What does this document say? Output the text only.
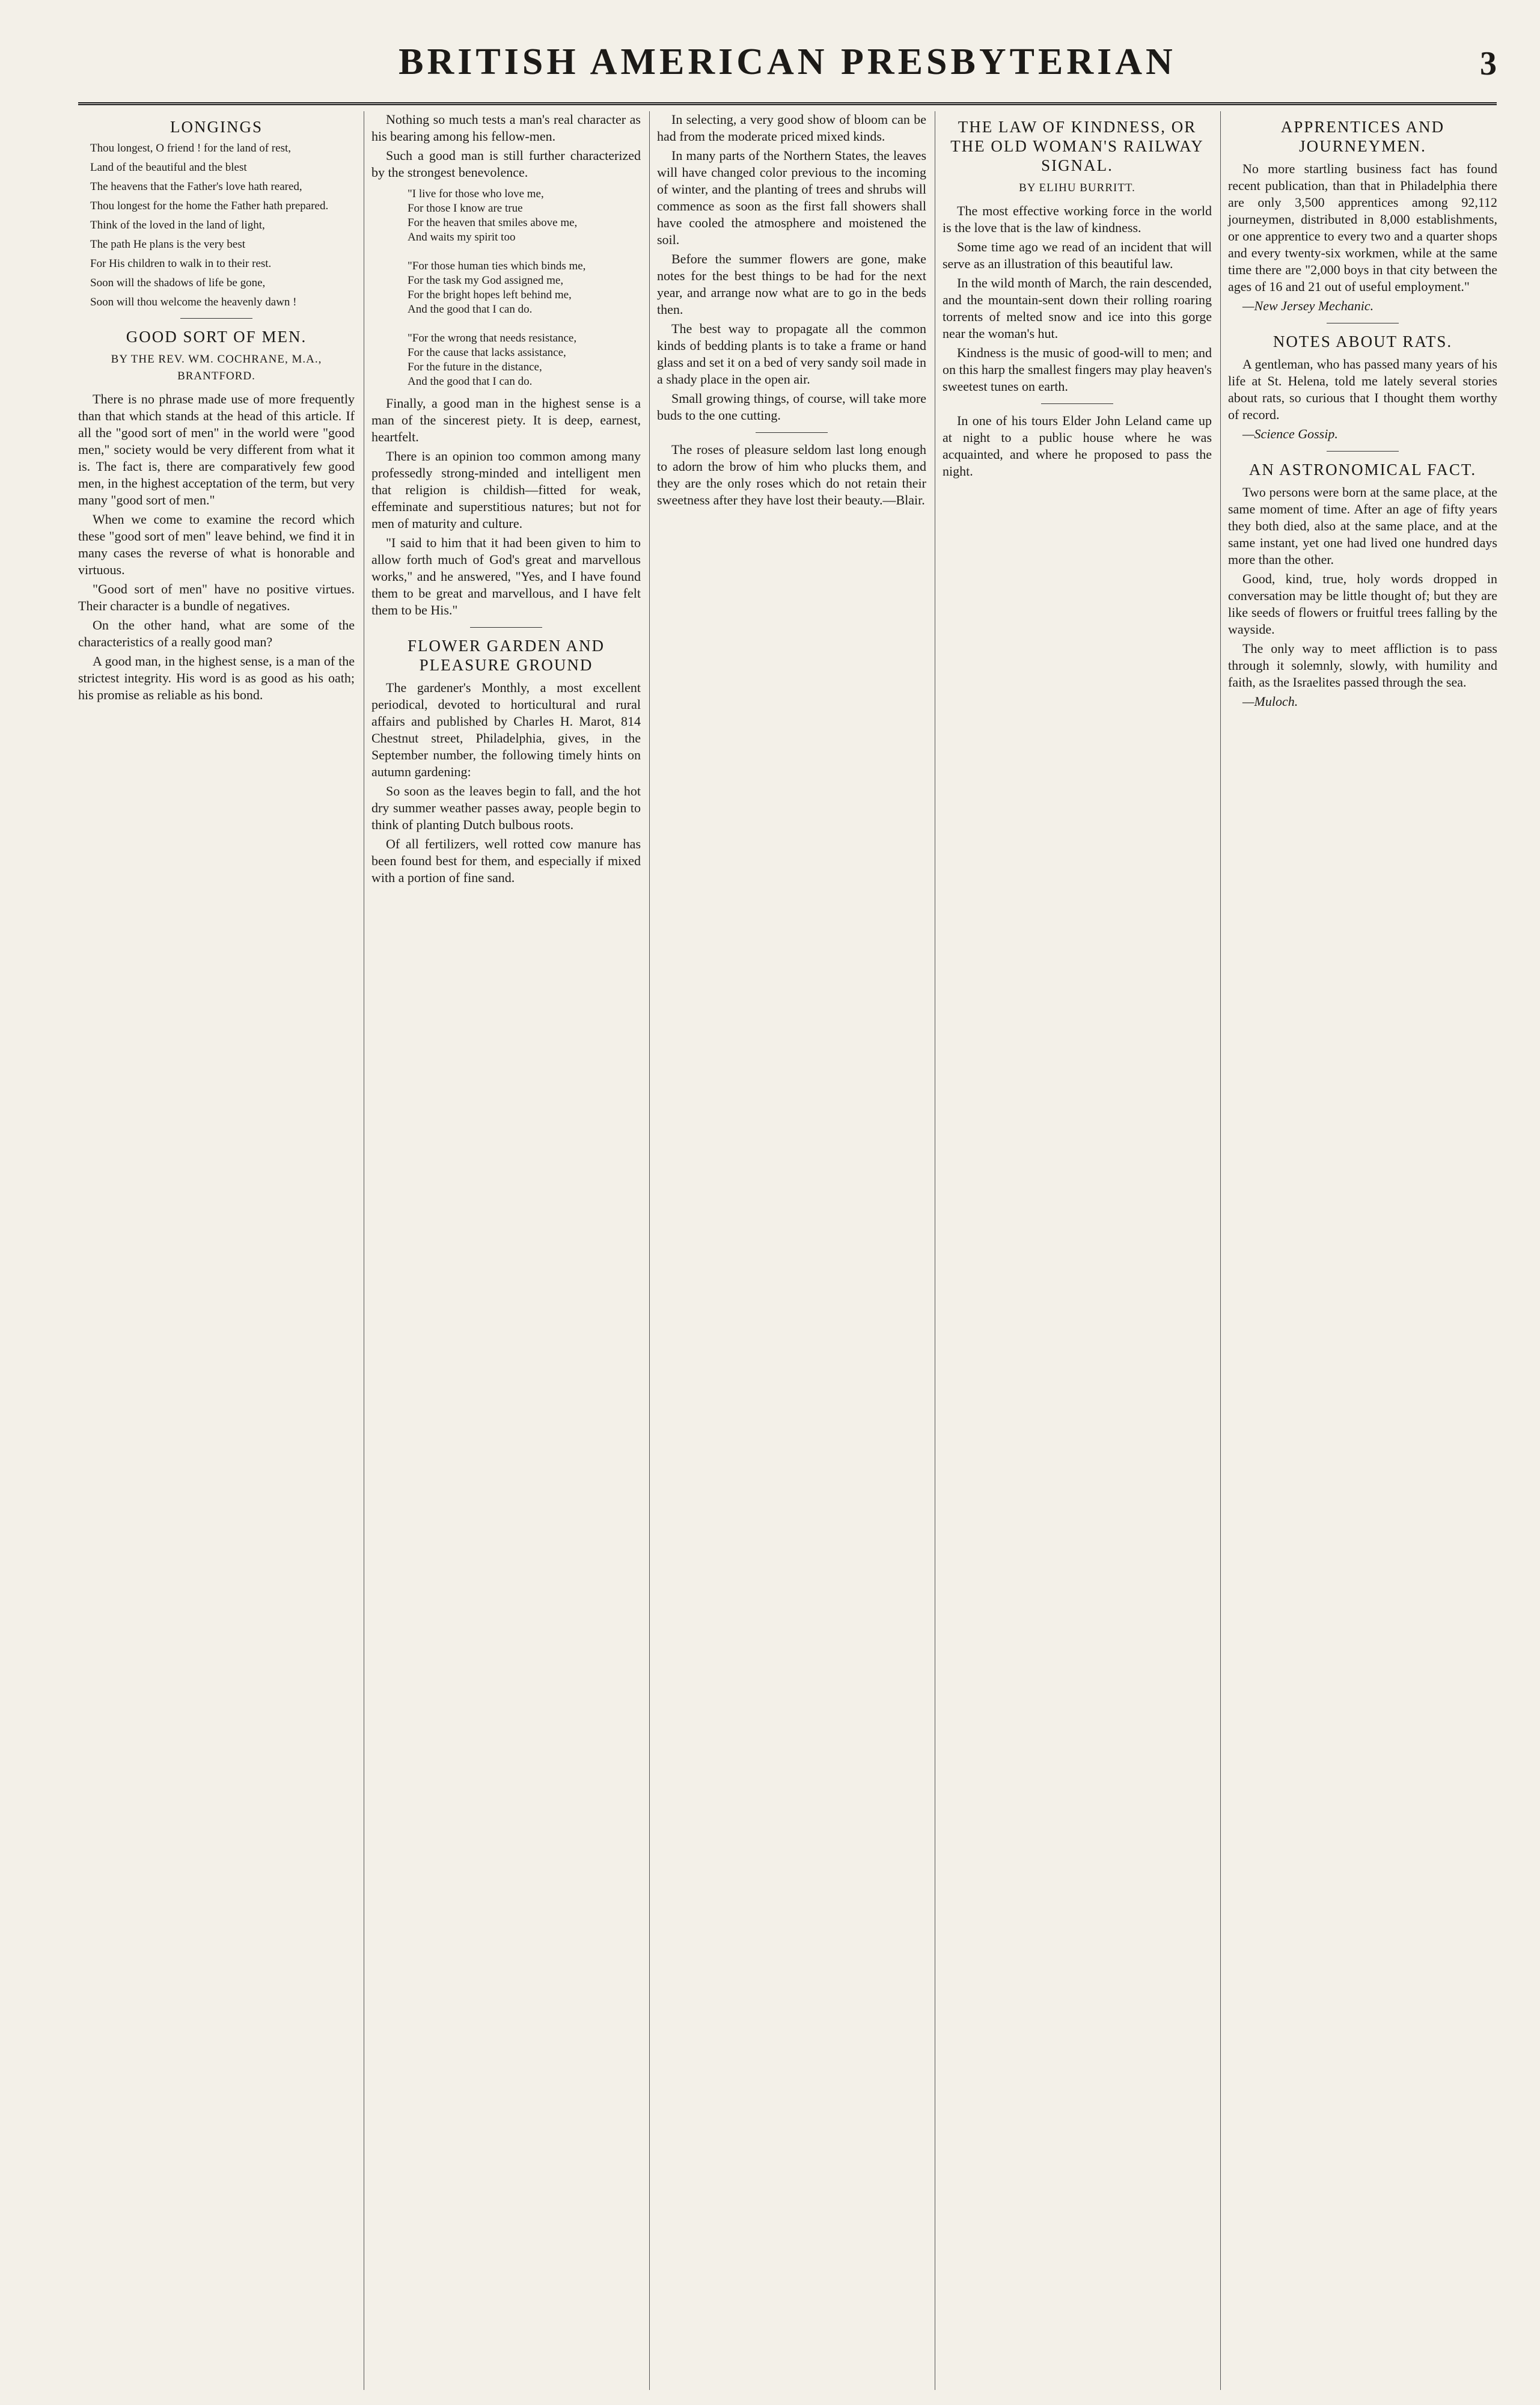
BRITISH AMERICAN PRESBYTERIAN	3
LONGINGS

Thou longest, O friend ! for the land of rest,

Land of the beautiful and the blest

The heavens that the Father's love hath reared,

Thou longest for the home the Father hath prepared.

Think of the loved in the land of light,

The path He plans is the very best

For His children to walk in to their rest.

Soon will the shadows of life be gone,

Soon will thou welcome the heavenly dawn !

GOOD SORT OF MEN.
BY THE REV. WM. COCHRANE, M.A., BRANTFORD.

There is no phrase made use of more frequently than that which stands at the head of this article. If all the "good sort of men" in the world were "good men," society would be very different from what it is. The fact is, there are comparatively few good men, in the highest acceptation of the term, but very many "good sort of men."

When we come to examine the record which these "good sort of men" leave behind, we find it in many cases the reverse of what is honorable and virtuous.

"Good sort of men" have no positive virtues. Their character is a bundle of negatives.

On the other hand, what are some of the characteristics of a really good man?

A good man, in the highest sense, is a man of the strictest integrity. His word is as good as his oath; his promise as reliable as his bond.

Nothing so much tests a man's real character as his bearing among his fellow-men.

Such a good man is still further characterized by the strongest benevolence.

"I live for those who love me,
For those I know are true
For the heaven that smiles above me,
And waits my spirit too

"For those human ties which binds me,
For the task my God assigned me,
For the bright hopes left behind me,
And the good that I can do.

"For the wrong that needs resistance,
For the cause that lacks assistance,
For the future in the distance,
And the good that I can do.

Finally, a good man in the highest sense is a man of the sincerest piety. It is deep, earnest, heartfelt.

There is an opinion too common among many professedly strong-minded and intelligent men that religion is childish—fitted for weak, effeminate and superstitious natures; but not for men of maturity and culture.

"I said to him that it had been given to him to allow forth much of God's great and marvellous works," and he answered, "Yes, and I have found them to be great and marvellous, and I have felt them to be His."

FLOWER GARDEN AND PLEASURE GROUND

The gardener's Monthly, a most excellent periodical, devoted to horticultural and rural affairs and published by Charles H. Marot, 814 Chestnut street, Philadelphia, gives, in the September number, the following timely hints on autumn gardening:

So soon as the leaves begin to fall, and the hot dry summer weather passes away, people begin to think of planting Dutch bulbous roots.

Of all fertilizers, well rotted cow manure has been found best for them, and especially if mixed with a portion of fine sand.

In selecting, a very good show of bloom can be had from the moderate priced mixed kinds.

In many parts of the Northern States, the leaves will have changed color previous to the incoming of winter, and the planting of trees and shrubs will commence as soon as the first fall showers shall have cooled the atmosphere and moistened the soil.

Before the summer flowers are gone, make notes for the best things to be had for the next year, and arrange now what are to go in the beds then.

The best way to propagate all the common kinds of bedding plants is to take a frame or hand glass and set it on a bed of very sandy soil made in a shady place in the open air.

Small growing things, of course, will take more buds to the one cutting.

The roses of pleasure seldom last long enough to adorn the brow of him who plucks them, and they are the only roses which do not retain their sweetness after they have lost their beauty.—Blair.

THE LAW OF KINDNESS, OR THE OLD WOMAN'S RAILWAY SIGNAL.
BY ELIHU BURRITT.

The most effective working force in the world is the love that is the law of kindness.

Some time ago we read of an incident that will serve as an illustration of this beautiful law.

In the wild month of March, the rain descended, and the mountain-sent down their rolling roaring torrents of melted snow and ice into this gorge near the woman's hut.

Kindness is the music of good-will to men; and on this harp the smallest fingers may play heaven's sweetest tunes on earth.

In one of his tours Elder John Leland came up at night to a public house where he was acquainted, and where he proposed to pass the night.

APPRENTICES AND JOURNEYMEN.

No more startling business fact has found recent publication, than that in Philadelphia there are only 3,500 apprentices among 92,112 journeymen, distributed in 8,000 establishments, or one apprentice to every two and a quarter shops and every twenty-six workmen, while at the same time there are "2,000 boys in that city between the ages of 16 and 21 out of useful employment."

—New Jersey Mechanic.

NOTES ABOUT RATS.

A gentleman, who has passed many years of his life at St. Helena, told me lately several stories about rats, so curious that I thought them worthy of record.

—Science Gossip.

AN ASTRONOMICAL FACT.

Two persons were born at the same place, at the same moment of time. After an age of fifty years they both died, also at the same place, and at the same instant, yet one had lived one hundred days more than the other.

Good, kind, true, holy words dropped in conversation may be little thought of; but they are like seeds of flowers or fruitful trees falling by the wayside.

The only way to meet affliction is to pass through it solemnly, slowly, with humility and faith, as the Israelites passed through the sea.

—Muloch.
